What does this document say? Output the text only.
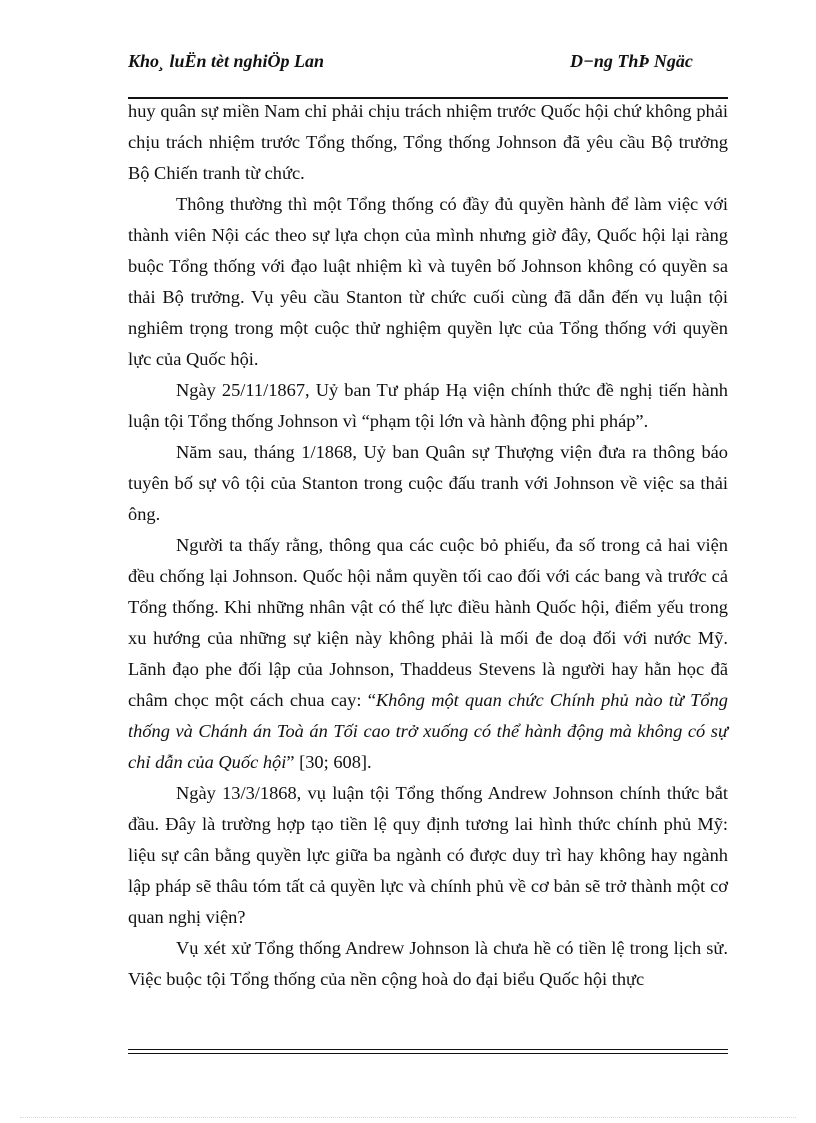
Kho¸ luËn tèt nghiÖp Lan	D−ng ThÞ Ngäc

huy quân sự miền Nam chỉ phải chịu trách nhiệm trước Quốc hội chứ không phải chịu trách nhiệm trước Tổng thống, Tổng thống Johnson đã yêu cầu Bộ trưởng Bộ Chiến tranh từ chức.

Thông thường thì một Tổng thống có đầy đủ quyền hành để làm việc với thành viên Nội các theo sự lựa chọn của mình nhưng giờ đây, Quốc hội lại ràng buộc Tổng thống với đạo luật nhiệm kì và tuyên bố Johnson không có quyền sa thải Bộ trưởng. Vụ yêu cầu Stanton từ chức cuối cùng đã dẫn đến vụ luận tội nghiêm trọng trong một cuộc thử nghiệm quyền lực của Tổng thống với quyền lực của Quốc hội.

Ngày 25/11/1867, Uỷ ban Tư pháp Hạ viện chính thức đề nghị tiến hành luận tội Tổng thống Johnson vì “phạm tội lớn và hành động phi pháp”.

Năm sau, tháng 1/1868, Uỷ ban Quân sự Thượng viện đưa ra thông báo tuyên bố sự vô tội của Stanton trong cuộc đấu tranh với Johnson về việc sa thải ông.

Người ta thấy rằng, thông qua các cuộc bỏ phiếu, đa số trong cả hai viện đều chống lại Johnson. Quốc hội nắm quyền tối cao đối với các bang và trước cả Tổng thống. Khi những nhân vật có thế lực điều hành Quốc hội, điểm yếu trong xu hướng của những sự kiện này không phải là mối đe doạ đối với nước Mỹ. Lãnh đạo phe đối lập của Johnson, Thaddeus Stevens là người hay hằn học đã châm chọc một cách chua cay: “Không một quan chức Chính phủ nào từ Tổng thống và Chánh án Toà án Tối cao trở xuống có thể hành động mà không có sự chỉ dẫn của Quốc hội” [30; 608].

Ngày 13/3/1868, vụ luận tội Tổng thống Andrew Johnson chính thức bắt đầu. Đây là trường hợp tạo tiền lệ quy định tương lai hình thức chính phủ Mỹ: liệu sự cân bằng quyền lực giữa ba ngành có được duy trì hay không hay ngành lập pháp sẽ thâu tóm tất cả quyền lực và chính phủ về cơ bản sẽ trở thành một cơ quan nghị viện?

Vụ xét xử Tổng thống Andrew Johnson là chưa hề có tiền lệ trong lịch sử. Việc buộc tội Tổng thống của nền cộng hoà do đại biểu Quốc hội thực
